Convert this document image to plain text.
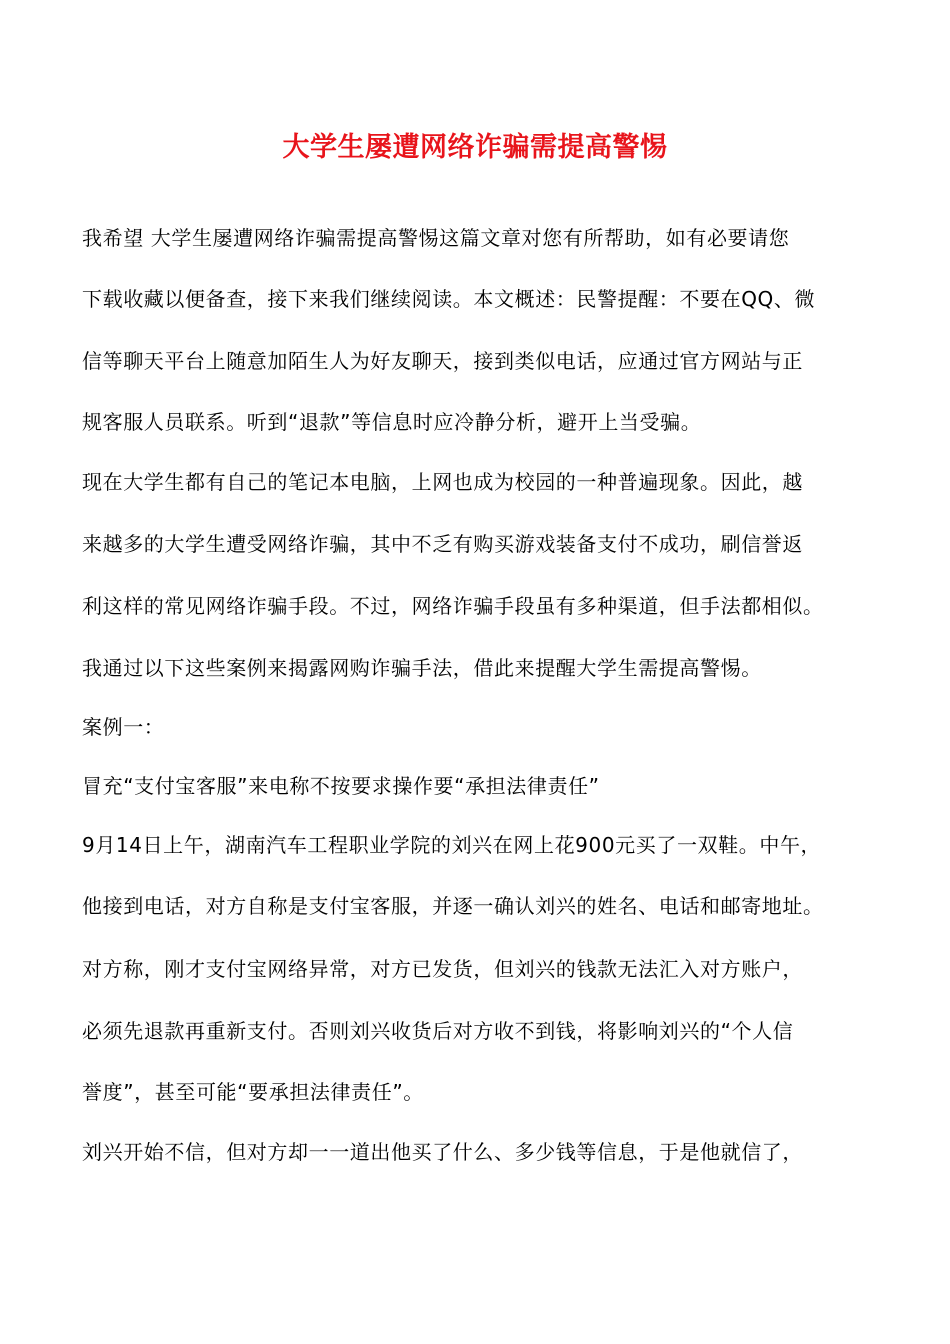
大学生屡遭网络诈骗需提高警惕
我希望 大学生屡遭网络诈骗需提高警惕这篇文章对您有所帮助，如有必要请您
下载收藏以便备查，接下来我们继续阅读。本文概述：民警提醒：不要在QQ、微
信等聊天平台上随意加陌生人为好友聊天，接到类似电话，应通过官方网站与正
规客服人员联系。听到“退款”等信息时应冷静分析，避开上当受骗。
现在大学生都有自己的笔记本电脑，上网也成为校园的一种普遍现象。因此，越
来越多的大学生遭受网络诈骗，其中不乏有购买游戏装备支付不成功，刷信誉返
利这样的常见网络诈骗手段。不过，网络诈骗手段虽有多种渠道，但手法都相似。
我通过以下这些案例来揭露网购诈骗手法，借此来提醒大学生需提高警惕。
案例一：
冒充“支付宝客服”来电称不按要求操作要“承担法律责任”
9月14日上午，湖南汽车工程职业学院的刘兴在网上花900元买了一双鞋。中午，
他接到电话，对方自称是支付宝客服，并逐一确认刘兴的姓名、电话和邮寄地址。
对方称，刚才支付宝网络异常，对方已发货，但刘兴的钱款无法汇入对方账户，
必须先退款再重新支付。否则刘兴收货后对方收不到钱，将影响刘兴的“个人信
誉度”，甚至可能“要承担法律责任”。
刘兴开始不信，但对方却一一道出他买了什么、多少钱等信息，于是他就信了，
